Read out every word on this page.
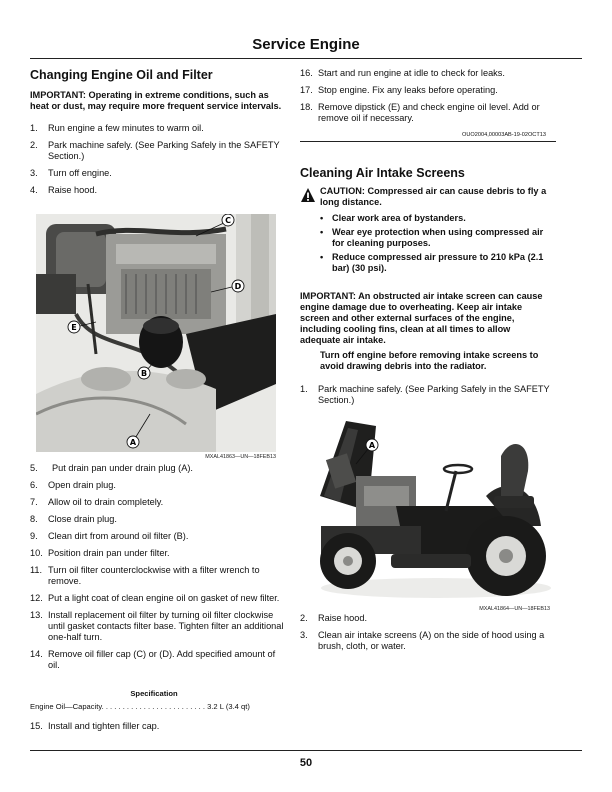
Service Engine
Changing Engine Oil and Filter
IMPORTANT: Operating in extreme conditions, such as heat or dust, may require more frequent service intervals.
1. Run engine a few minutes to warm oil.
2. Park machine safely. (See Parking Safely in the SAFETY Section.)
3. Turn off engine.
4. Raise hood.
C
D
E
B
A
MXAL41863—UN—18FEB13
5. Put drain pan under drain plug (A).
6. Open drain plug.
7. Allow oil to drain completely.
8. Close drain plug.
9. Clean dirt from around oil filter (B).
10. Position drain pan under filter.
11. Turn oil filter counterclockwise with a filter wrench to remove.
12. Put a light coat of clean engine oil on gasket of new filter.
13. Install replacement oil filter by turning oil filter clockwise until gasket contacts filter base. Tighten filter an additional one-half turn.
14. Remove oil filler cap (C) or (D). Add specified amount of oil.
Specification
Engine Oil—Capacity. . . . . . . . . . . . . . . . . . . . . . . . . 3.2 L (3.4 qt)
15. Install and tighten filler cap.
16. Start and run engine at idle to check for leaks.
17. Stop engine. Fix any leaks before operating.
18. Remove dipstick (E) and check engine oil level. Add or remove oil if necessary.
OUO2004,00003AB-19-02OCT13
Cleaning Air Intake Screens
CAUTION: Compressed air can cause debris to fly a long distance.
• Clear work area of bystanders.
• Wear eye protection when using compressed air for cleaning purposes.
• Reduce compressed air pressure to 210 kPa (2.1 bar) (30 psi).
IMPORTANT: An obstructed air intake screen can cause engine damage due to overheating. Keep air intake screen and other external surfaces of the engine, including cooling fins, clean at all times to allow adequate air intake.
Turn off engine before removing intake screens to avoid drawing debris into the radiator.
1. Park machine safely. (See Parking Safely in the SAFETY Section.)
A
MXAL41864—UN—18FEB13
2. Raise hood.
3. Clean air intake screens (A) on the side of hood using a brush, cloth, or water.
50
